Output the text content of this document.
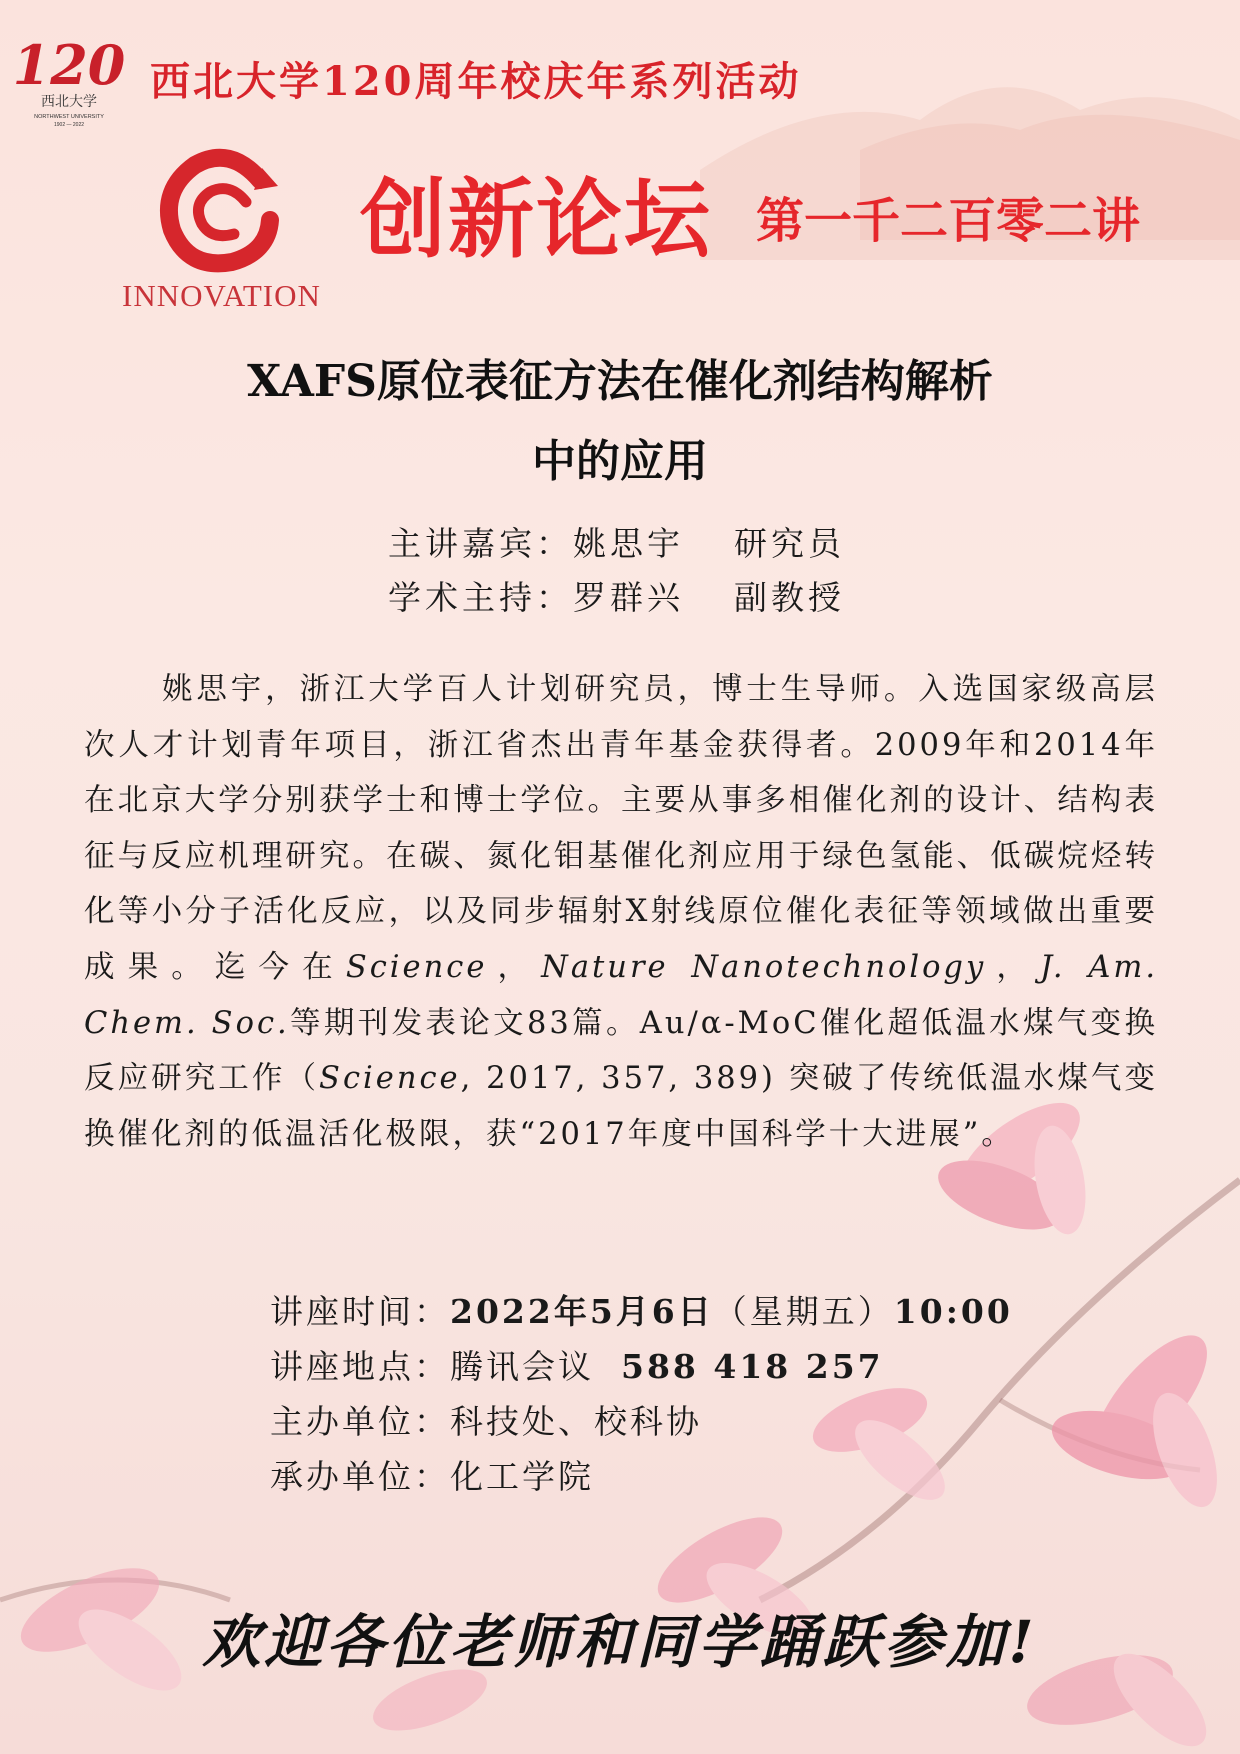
120
西北大学
NORTHWEST UNIVERSITY
1902 — 2022
西北大学120周年校庆年系列活动
INNOVATION
创新论坛 第一千二百零二讲
XAFS原位表征方法在催化剂结构解析
中的应用
主讲嘉宾：姚思宇 研究员
学术主持：罗群兴 副教授
姚思宇，浙江大学百人计划研究员，博士生导师。入选国家级高层次人才计划青年项目，浙江省杰出青年基金获得者。2009年和2014年在北京大学分别获学士和博士学位。主要从事多相催化剂的设计、结构表征与反应机理研究。在碳、氮化钼基催化剂应用于绿色氢能、低碳烷烃转化等小分子活化反应，以及同步辐射X射线原位催化表征等领域做出重要成果。迄今在Science，Nature Nanotechnology，J. Am. Chem. Soc.等期刊发表论文83篇。Au/α-MoC催化超低温水煤气变换反应研究工作（Science, 2017, 357, 389) 突破了传统低温水煤气变换催化剂的低温活化极限，获“2017年度中国科学十大进展”。
讲座时间：2022年5月6日（星期五）10:00
讲座地点：腾讯会议 588 418 257
主办单位：科技处、校科协
承办单位：化工学院
欢迎各位老师和同学踊跃参加!
